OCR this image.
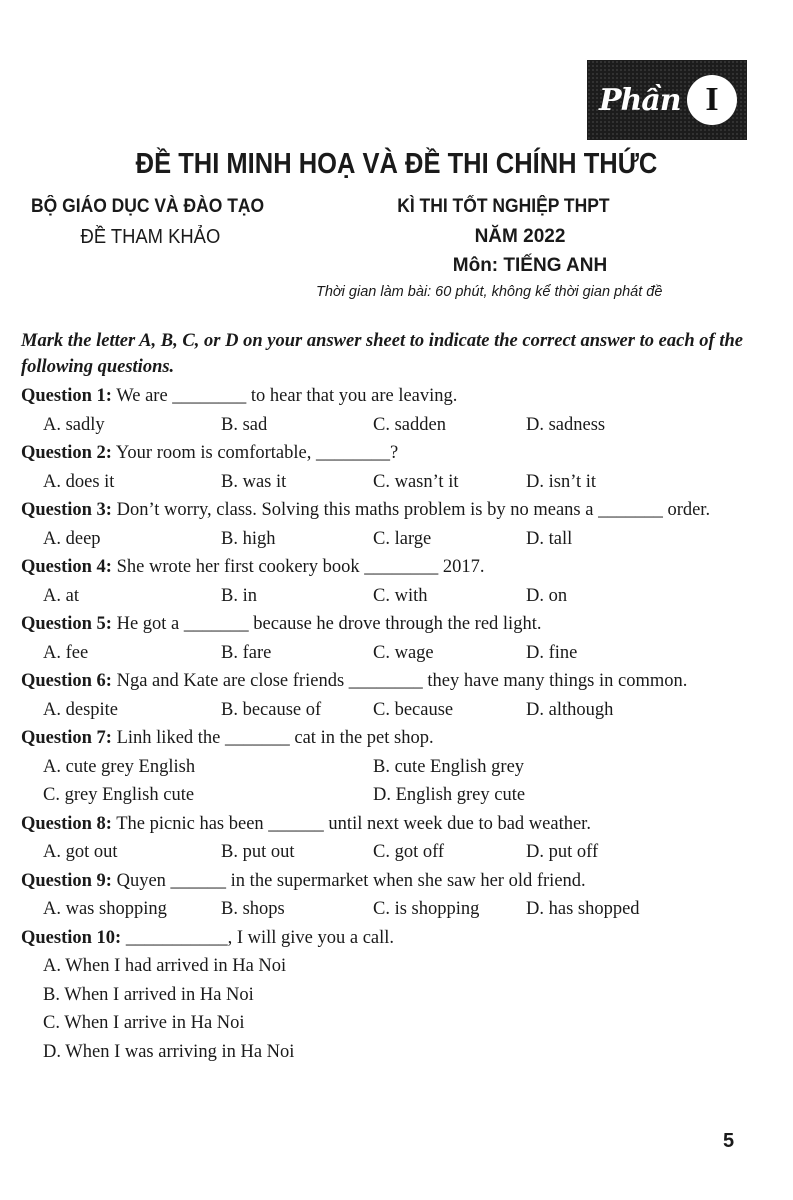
Phần I
ĐỀ THI MINH HOẠ VÀ ĐỀ THI CHÍNH THỨC
BỘ GIÁO DỤC VÀ ĐÀO TẠO
ĐỀ THAM KHẢO
KÌ THI TỐT NGHIỆP THPT
NĂM 2022
Môn: TIẾNG ANH
Thời gian làm bài: 60 phút, không kể thời gian phát đề
Mark the letter A, B, C, or D on your answer sheet to indicate the correct answer to each of the following questions.
Question 1: We are ________ to hear that you are leaving.
A. sadly	B. sad	C. sadden	D. sadness
Question 2: Your room is comfortable, ________?
A. does it	B. was it	C. wasn’t it	D. isn’t it
Question 3: Don’t worry, class. Solving this maths problem is by no means a _______ order.
A. deep	B. high	C. large	D. tall
Question 4: She wrote her first cookery book ________ 2017.
A. at	B. in	C. with	D. on
Question 5: He got a _______ because he drove through the red light.
A. fee	B. fare	C. wage	D. fine
Question 6: Nga and Kate are close friends ________ they have many things in common.
A. despite	B. because of	C. because	D. although
Question 7: Linh liked the _______ cat in the pet shop.
A. cute grey English	B. cute English grey
C. grey English cute	D. English grey cute
Question 8: The picnic has been ______ until next week due to bad weather.
A. got out	B. put out	C. got off	D. put off
Question 9: Quyen ______ in the supermarket when she saw her old friend.
A. was shopping	B. shops	C. is shopping	D. has shopped
Question 10: ___________, I will give you a call.
A. When I had arrived in Ha Noi
B. When I arrived in Ha Noi
C. When I arrive in Ha Noi
D. When I was arriving in Ha Noi
5
